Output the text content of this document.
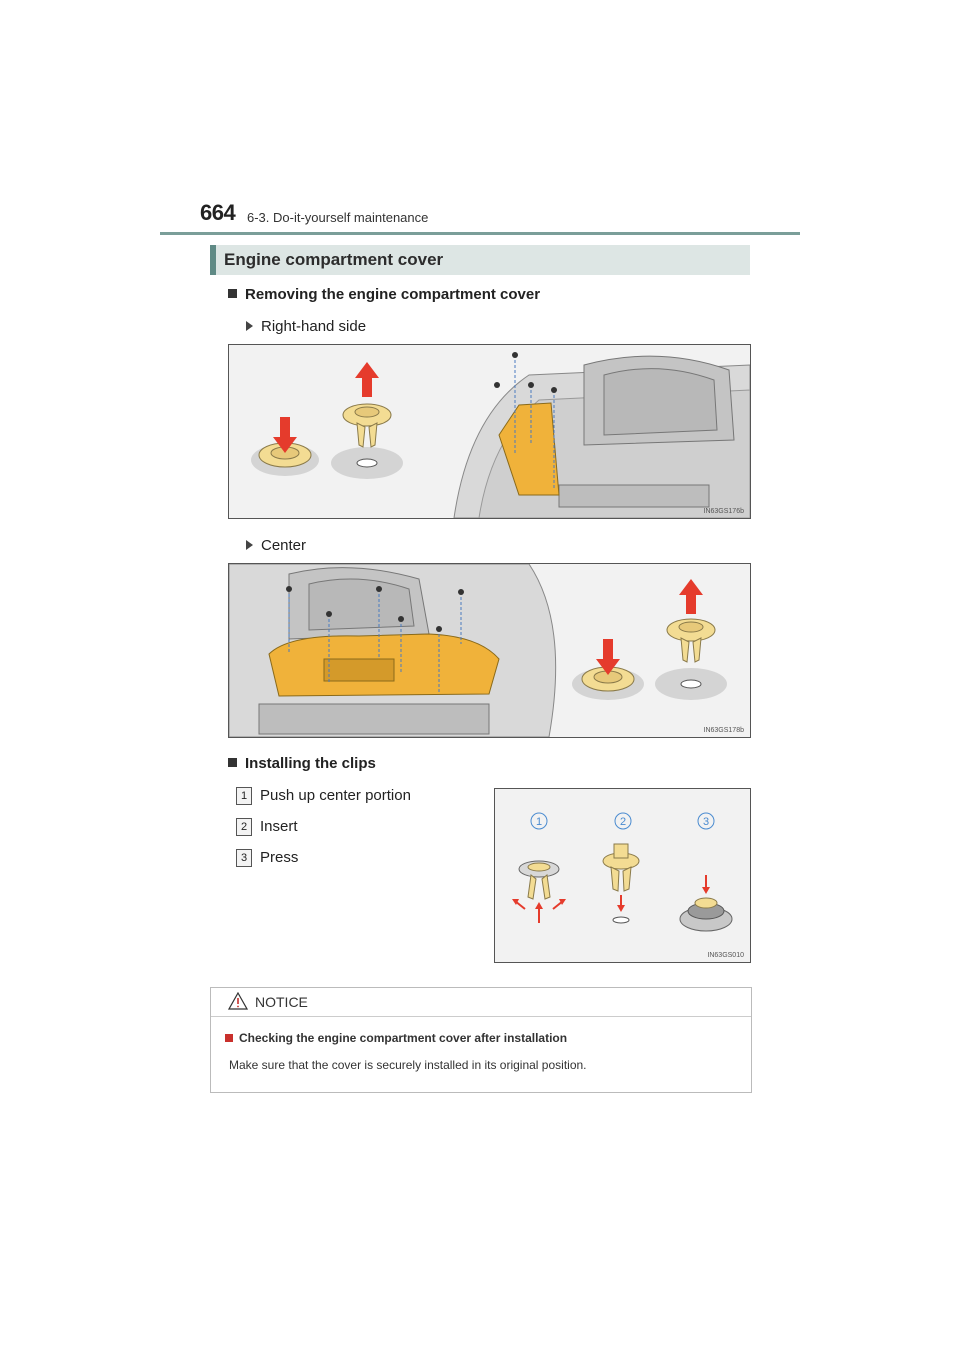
664 6-3. Do-it-yourself maintenance
Engine compartment cover
Removing the engine compartment cover
Right-hand side
IN63GS176b
Center
IN63GS178b
Installing the clips
1 Push up center portion
2 Insert
3 Press
1	2	3
IN63GS010
NOTICE
Checking the engine compartment cover after installation
Make sure that the cover is securely installed in its original position.
